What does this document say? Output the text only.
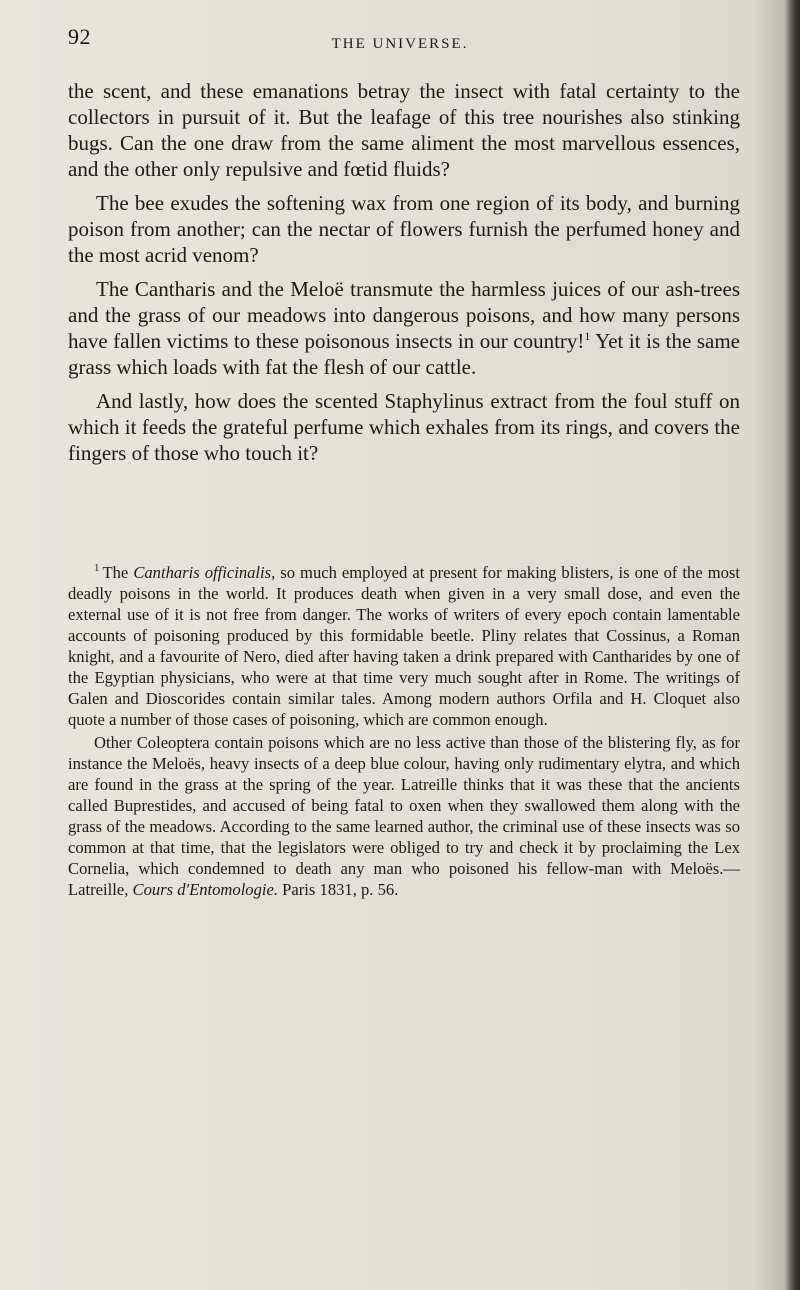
92	THE UNIVERSE.

the scent, and these emanations betray the insect with fatal certainty to the collectors in pursuit of it. But the leafage of this tree nourishes also stinking bugs. Can the one draw from the same aliment the most marvellous essences, and the other only repulsive and fœtid fluids?

The bee exudes the softening wax from one region of its body, and burning poison from another; can the nectar of flowers furnish the perfumed honey and the most acrid venom?

The Cantharis and the Meloë transmute the harmless juices of our ash-trees and the grass of our meadows into dangerous poisons, and how many persons have fallen victims to these poisonous insects in our country!$^1$ Yet it is the same grass which loads with fat the flesh of our cattle.

And lastly, how does the scented Staphylinus extract from the foul stuff on which it feeds the grateful perfume which exhales from its rings, and covers the fingers of those who touch it?

$^1$ The Cantharis officinalis, so much employed at present for making blisters, is one of the most deadly poisons in the world. It produces death when given in a very small dose, and even the external use of it is not free from danger. The works of writers of every epoch contain lamentable accounts of poisoning produced by this formidable beetle. Pliny relates that Cossinus, a Roman knight, and a favourite of Nero, died after having taken a drink prepared with Cantharides by one of the Egyptian physicians, who were at that time very much sought after in Rome. The writings of Galen and Dioscorides contain similar tales. Among modern authors Orfila and H. Cloquet also quote a number of those cases of poisoning, which are common enough.

Other Coleoptera contain poisons which are no less active than those of the blistering fly, as for instance the Meloës, heavy insects of a deep blue colour, having only rudimentary elytra, and which are found in the grass at the spring of the year. Latreille thinks that it was these that the ancients called Buprestides, and accused of being fatal to oxen when they swallowed them along with the grass of the meadows. According to the same learned author, the criminal use of these insects was so common at that time, that the legislators were obliged to try and check it by proclaiming the Lex Cornelia, which condemned to death any man who poisoned his fellow-man with Meloës.—Latreille, Cours d'Entomologie. Paris 1831, p. 56.
